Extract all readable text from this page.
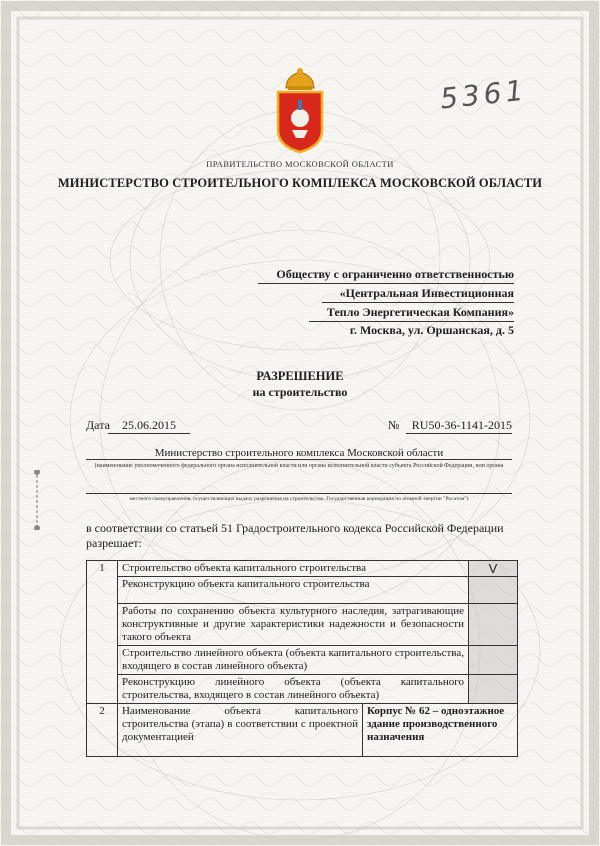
5361
ПРАВИТЕЛЬСТВО МОСКОВСКОЙ ОБЛАСТИ
МИНИСТЕРСТВО СТРОИТЕЛЬНОГО КОМПЛЕКСА МОСКОВСКОЙ ОБЛАСТИ
Обществу с ограниченно ответственностью
«Центральная Инвестиционная
Тепло Энергетическая Компания»
г. Москва, ул. Оршанская, д. 5
РАЗРЕШЕНИЕ
на строительство
Дата	25.06.2015	№	RU50-36-1141-2015
Министерство строительного комплекса Московской области
(наименование уполномоченного федерального органа исполнительной власти или органа исполнительной власти субъекта Российской Федерации, или органа
местного самоуправления, осуществляющих выдачу разрешения на строительство. Государственная корпорация по атомной энергии "Росатом")
в соответствии со статьей 51 Градостроительного кодекса Российской Федерации разрешает:
1	Строительство объекта капитального строительства		V
	Реконструкцию объекта капитального строительства		
	Работы по сохранению объекта культурного наследия, затрагивающие конструктивные и другие характеристики надежности и безопасности такого объекта		
	Строительство линейного объекта (объекта капитального строительства, входящего в состав линейного объекта)		
	Реконструкцию линейного объекта (объекта капитального строительства, входящего в состав линейного объекта)		
2	Наименование объекта капитального строительства (этапа) в соответствии с проектной документацией	Корпус № 62 – одноэтажное здание производственного назначения	
